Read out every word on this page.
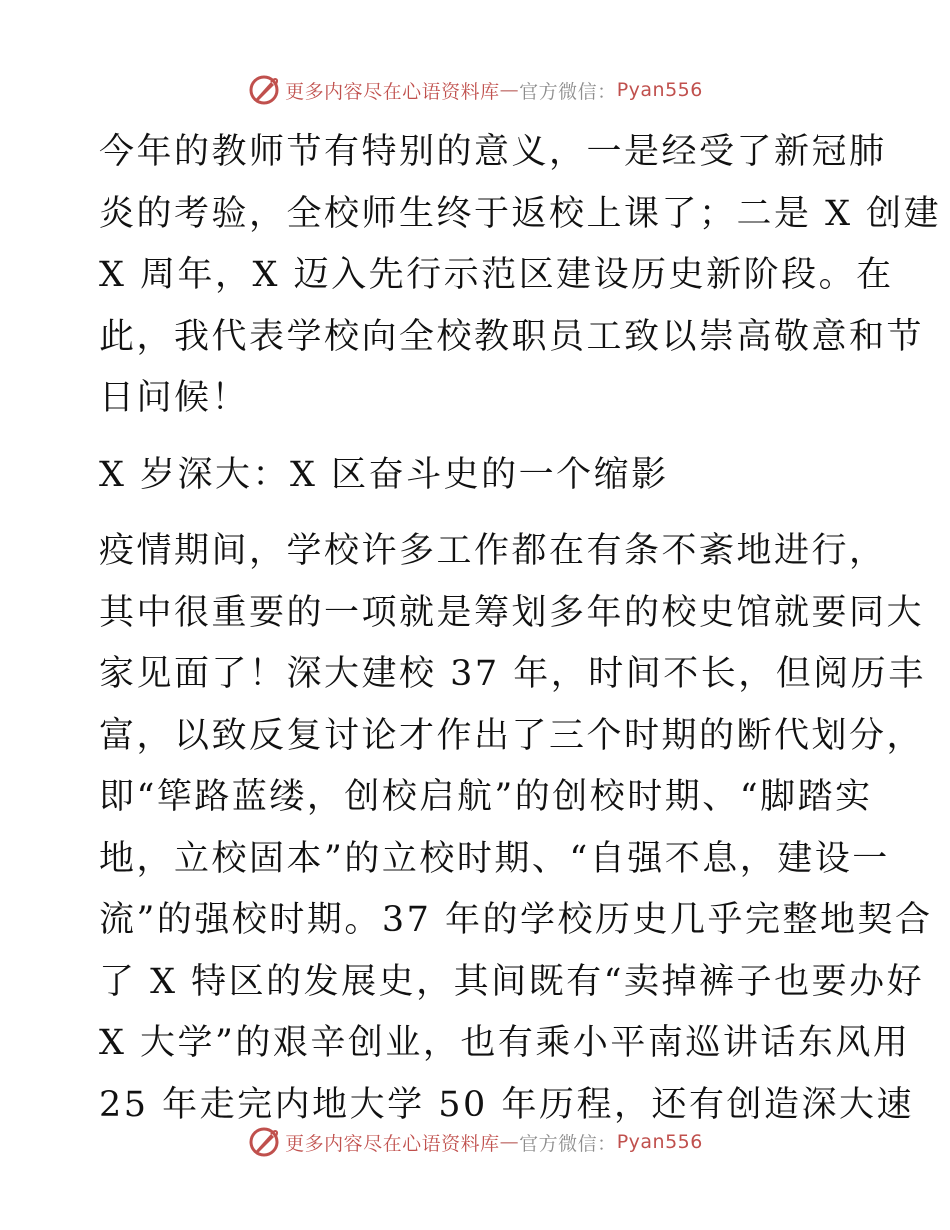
更多内容尽在心语资料库 — 官方微信： Pyan556
今年的教师节有特别的意义，一是经受了新冠肺
炎的考验，全校师生终于返校上课了；二是 X 创建
X 周年，X 迈入先行示范区建设历史新阶段。在
此，我代表学校向全校教职员工致以崇高敬意和节
日问候！
X 岁深大：X 区奋斗史的一个缩影
疫情期间，学校许多工作都在有条不紊地进行，
其中很重要的一项就是筹划多年的校史馆就要同大
家见面了！深大建校 37 年，时间不长，但阅历丰
富，以致反复讨论才作出了三个时期的断代划分，
即“筚路蓝缕，创校启航”的创校时期、“脚踏实
地，立校固本”的立校时期、“自强不息，建设一
流”的强校时期。37 年的学校历史几乎完整地契合
了 X 特区的发展史，其间既有“卖掉裤子也要办好
X 大学”的艰辛创业，也有乘小平南巡讲话东风用
25 年走完内地大学 50 年历程，还有创造深大速
更多内容尽在心语资料库 — 官方微信： Pyan556
